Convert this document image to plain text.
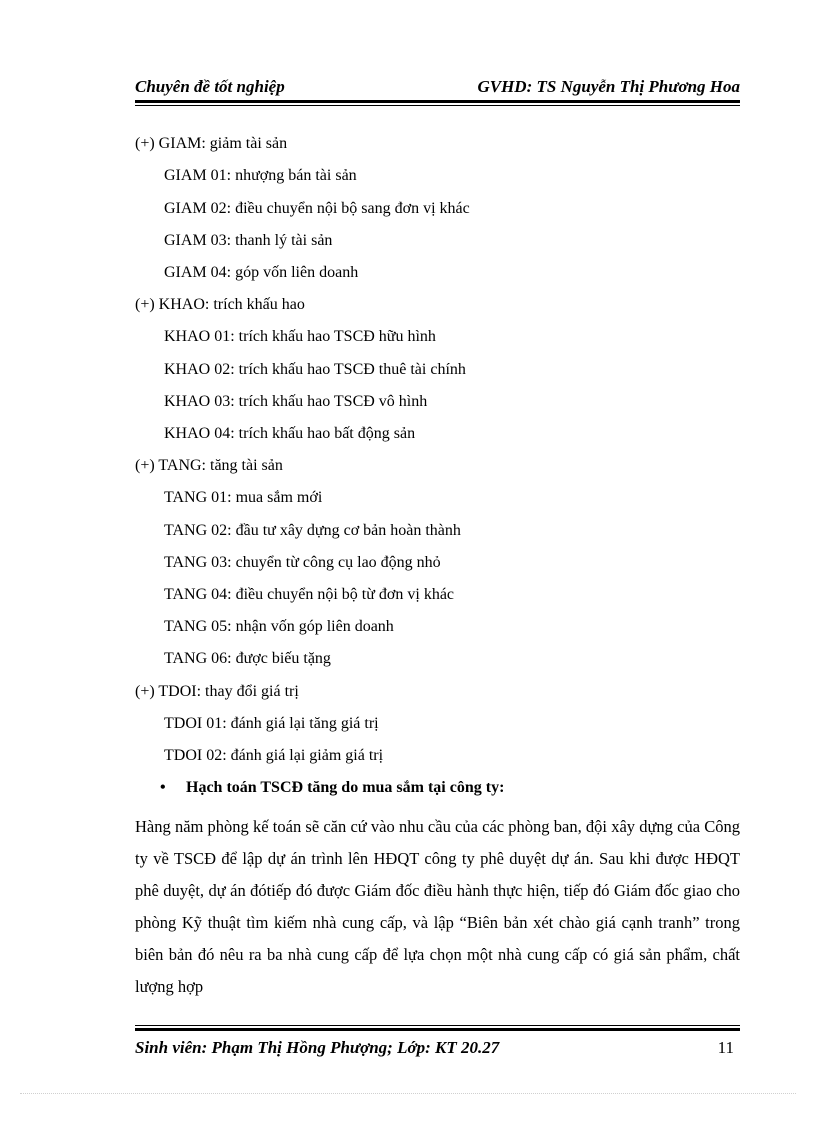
Chuyên đề tốt nghiệp	GVHD: TS Nguyễn Thị Phương Hoa
(+) GIAM: giảm tài sản
GIAM 01: nhượng bán tài sản
GIAM 02: điều chuyển nội bộ sang đơn vị khác
GIAM 03: thanh lý tài sản
GIAM 04: góp vốn liên doanh
(+) KHAO: trích khấu hao
KHAO 01: trích khấu hao TSCĐ hữu hình
KHAO 02: trích khấu hao TSCĐ thuê tài chính
KHAO 03: trích khấu hao TSCĐ vô hình
KHAO 04: trích khấu hao bất động sản
(+) TANG: tăng tài sản
TANG 01: mua sắm mới
TANG 02: đầu tư xây dựng cơ bản hoàn thành
TANG 03: chuyển từ công cụ lao động nhỏ
TANG 04: điều chuyển nội bộ từ đơn vị khác
TANG 05: nhận vốn góp liên doanh
TANG 06: được biếu tặng
(+) TDOI: thay đổi giá trị
TDOI 01: đánh giá lại tăng giá trị
TDOI 02: đánh giá lại giảm giá trị
• Hạch toán TSCĐ tăng do mua sắm tại công ty:
Hàng năm phòng kế toán sẽ căn cứ vào nhu cầu của các phòng ban, đội xây dựng của Công ty về TSCĐ để lập dự án trình lên HĐQT công ty phê duyệt dự án. Sau khi được HĐQT phê duyệt, dự án đótiếp đó được Giám đốc điều hành thực hiện, tiếp đó Giám đốc giao cho phòng Kỹ thuật tìm kiếm nhà cung cấp, và lập “Biên bản xét chào giá cạnh tranh” trong biên bản đó nêu ra ba nhà cung cấp để lựa chọn một nhà cung cấp có giá sản phẩm, chất lượng hợp
Sinh viên: Phạm Thị Hồng Phượng; Lớp: KT 20.27	11
